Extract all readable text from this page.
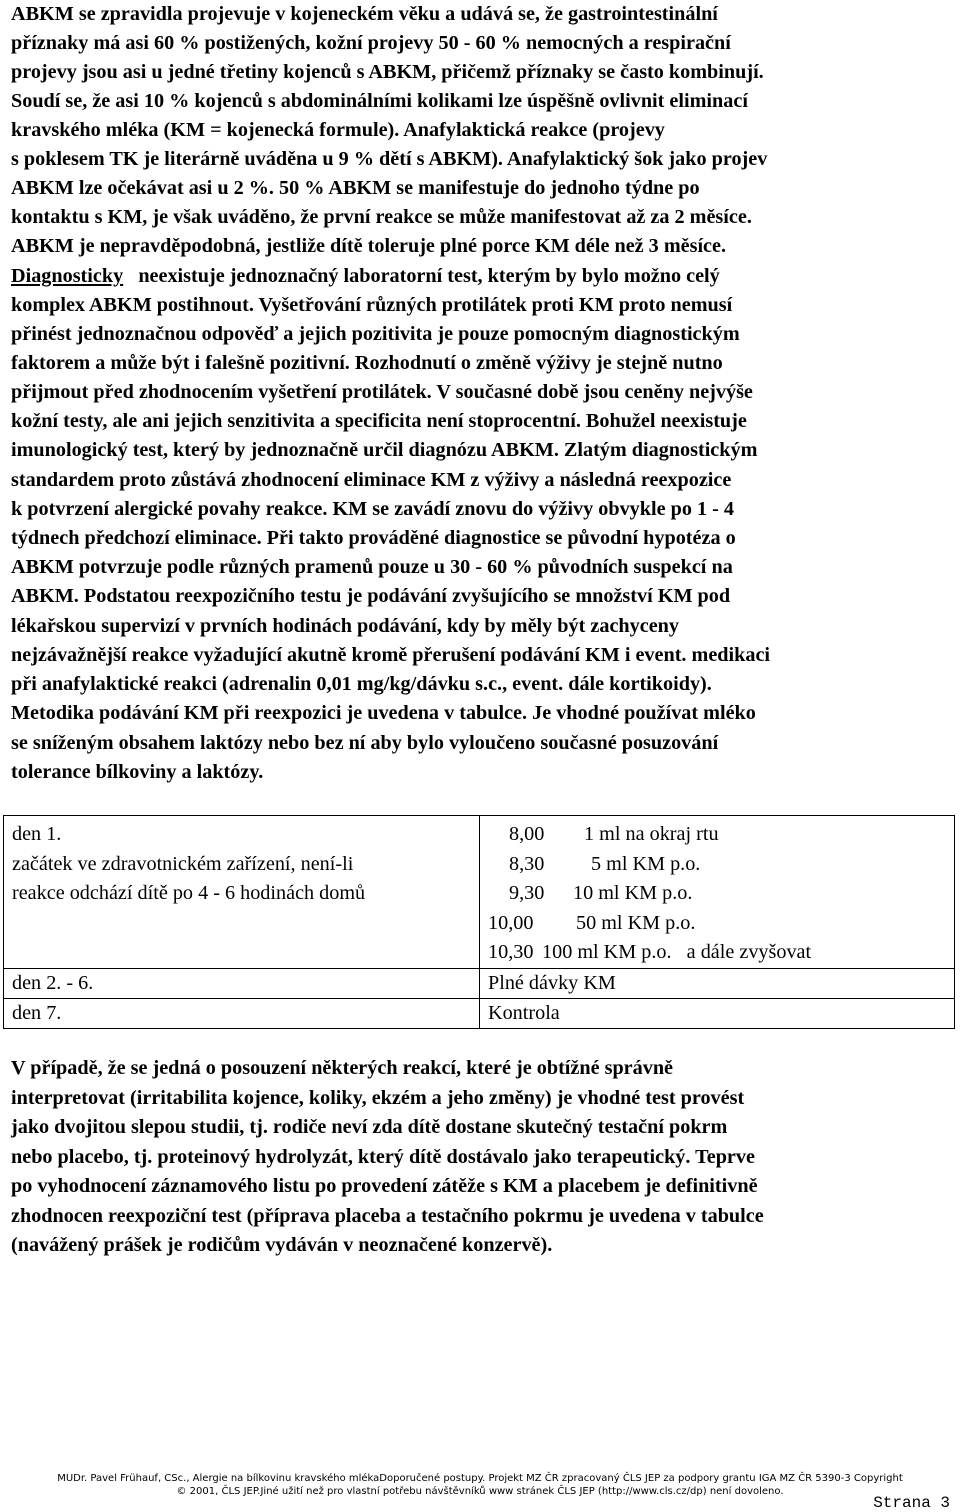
ABKM se zpravidla projevuje v kojeneckém věku a udává se, že gastrointestinální
příznaky má asi 60 % postižených, kožní projevy 50 - 60 % nemocných a respirační
projevy jsou asi u jedné třetiny kojenců s ABKM, přičemž příznaky se často kombinují.
Soudí se, že asi 10 % kojenců s abdominálními kolikami lze úspěšně ovlivnit eliminací
kravského mléka (KM = kojenecká formule). Anafylaktická reakce (projevy
s poklesem TK je literárně uváděna u 9 % dětí s ABKM). Anafylaktický šok jako projev
ABKM lze očekávat asi u 2 %. 50 % ABKM se manifestuje do jednoho týdne po
kontaktu s KM, je však uváděno, že první reakce se může manifestovat až za 2 měsíce.
ABKM je nepravděpodobná, jestliže dítě toleruje plné porce KM déle než 3 měsíce.
Diagnosticky   neexistuje jednoznačný laboratorní test, kterým by bylo možno celý
komplex ABKM postihnout. Vyšetřování různých protilátek proti KM proto nemusí
přinést jednoznačnou odpověď a jejich pozitivita je pouze pomocným diagnostickým
faktorem a může být i falešně pozitivní. Rozhodnutí o změně výživy je stejně nutno
přijmout před zhodnocením vyšetření protilátek. V současné době jsou ceněny nejvýše
kožní testy, ale ani jejich senzitivita a specificita není stoprocentní. Bohužel neexistuje
imunologický test, který by jednoznačně určil diagnózu ABKM. Zlatým diagnostickým
standardem proto zůstává zhodnocení eliminace KM z výživy a následná reexpozice
k potvrzení alergické povahy reakce. KM se zavádí znovu do výživy obvykle po 1 - 4
týdnech předchozí eliminace. Při takto prováděné diagnostice se původní hypotéza o
ABKM potvrzuje podle různých pramenů pouze u 30 - 60 % původních suspekcí na
ABKM. Podstatou reexpozičního testu je podávání zvyšujícího se množství KM pod
lékařskou supervizí v prvních hodinách podávání, kdy by měly být zachyceny
nejzávažnější reakce vyžadující akutně kromě přerušení podávání KM i event. medikaci
při anafylaktické reakci (adrenalin 0,01 mg/kg/dávku s.c., event. dále kortikoidy).
Metodika podávání KM při reexpozici je uvedena v tabulce. Je vhodné používat mléko
se sníženým obsahem laktózy nebo bez ní aby bylo vyloučeno současné posuzování
tolerance bílkoviny a laktózy.
den 1.
začátek ve zdravotnickém zařízení, není-li
reakce odchází dítě po 4 - 6 hodinách domů	8,00 1 ml na okraj rtu
8,30 5 ml KM p.o.
9,30 10 ml KM p.o.
10,00 50 ml KM p.o.
10,30 100 ml KM p.o.   a dále zvyšovat

den 2. - 6.	Plné dávky KM
den 7.	Kontrola
V případě, že se jedná o posouzení některých reakcí, které je obtížné správně
interpretovat (irritabilita kojence, koliky, ekzém a jeho změny) je vhodné test provést
jako dvojitou slepou studii, tj. rodiče neví zda dítě dostane skutečný testační pokrm
nebo placebo, tj. proteinový hydrolyzát, který dítě dostávalo jako terapeutický. Teprve
po vyhodnocení záznamového listu po provedení zátěže s KM a placebem je definitivně
zhodnocen reexpoziční test (příprava placeba a testačního pokrmu je uvedena v tabulce
(navážený prášek je rodičům vydáván v neoznačené konzervě).
MUDr. Pavel Frühauf, CSc., Alergie na bílkovinu kravského mlékaDoporučené postupy. Projekt MZ ČR zpracovaný ČLS JEP za podpory grantu IGA MZ ČR 5390-3 Copyright
© 2001, ČLS JEP.Jiné užití než pro vlastní potřebu návštěvníků www stránek ČLS JEP (http://www.cls.cz/dp) není dovoleno.
Strana 3
